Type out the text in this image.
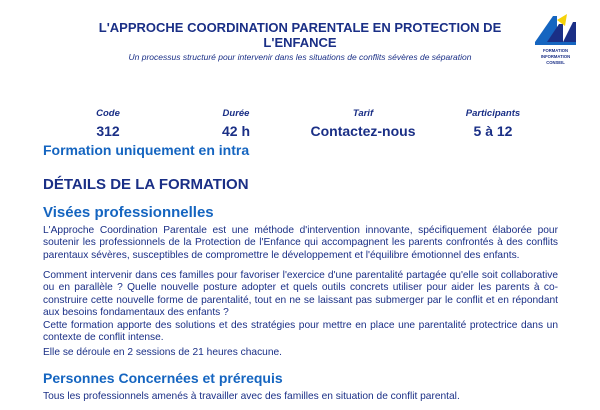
L'APPROCHE COORDINATION PARENTALE EN PROTECTION DE
L'ENFANCE

Un processus structuré pour intervenir dans les situations de conflits sévères de séparation

FORMATION
INFORMATION
CONSEIL
Code
312
Durée
42 h
Tarif
Contactez-nous
Participants
5 à 12

Formation uniquement en intra

DÉTAILS DE LA FORMATION

Visées professionnelles

L'Approche Coordination Parentale est une méthode d'intervention innovante, spécifiquement élaborée pour soutenir les professionnels de la Protection de l'Enfance qui accompagnent les parents confrontés à des conflits parentaux sévères, susceptibles de compromettre le développement et l'équilibre émotionnel des enfants.

Comment intervenir dans ces familles pour favoriser l'exercice d'une parentalité partagée qu'elle soit collaborative ou en parallèle ? Quelle nouvelle posture adopter et quels outils concrets utiliser pour aider les parents à co-construire cette nouvelle forme de parentalité, tout en ne se laissant pas submerger par le conflit et en répondant aux besoins fondamentaux des enfants ?

Cette formation apporte des solutions et des stratégies pour mettre en place une parentalité protectrice dans un contexte de conflit intense.

Elle se déroule en 2 sessions de 21 heures chacune.

Personnes Concernées et prérequis

Tous les professionnels amenés à travailler avec des familles en situation de conflit parental.
